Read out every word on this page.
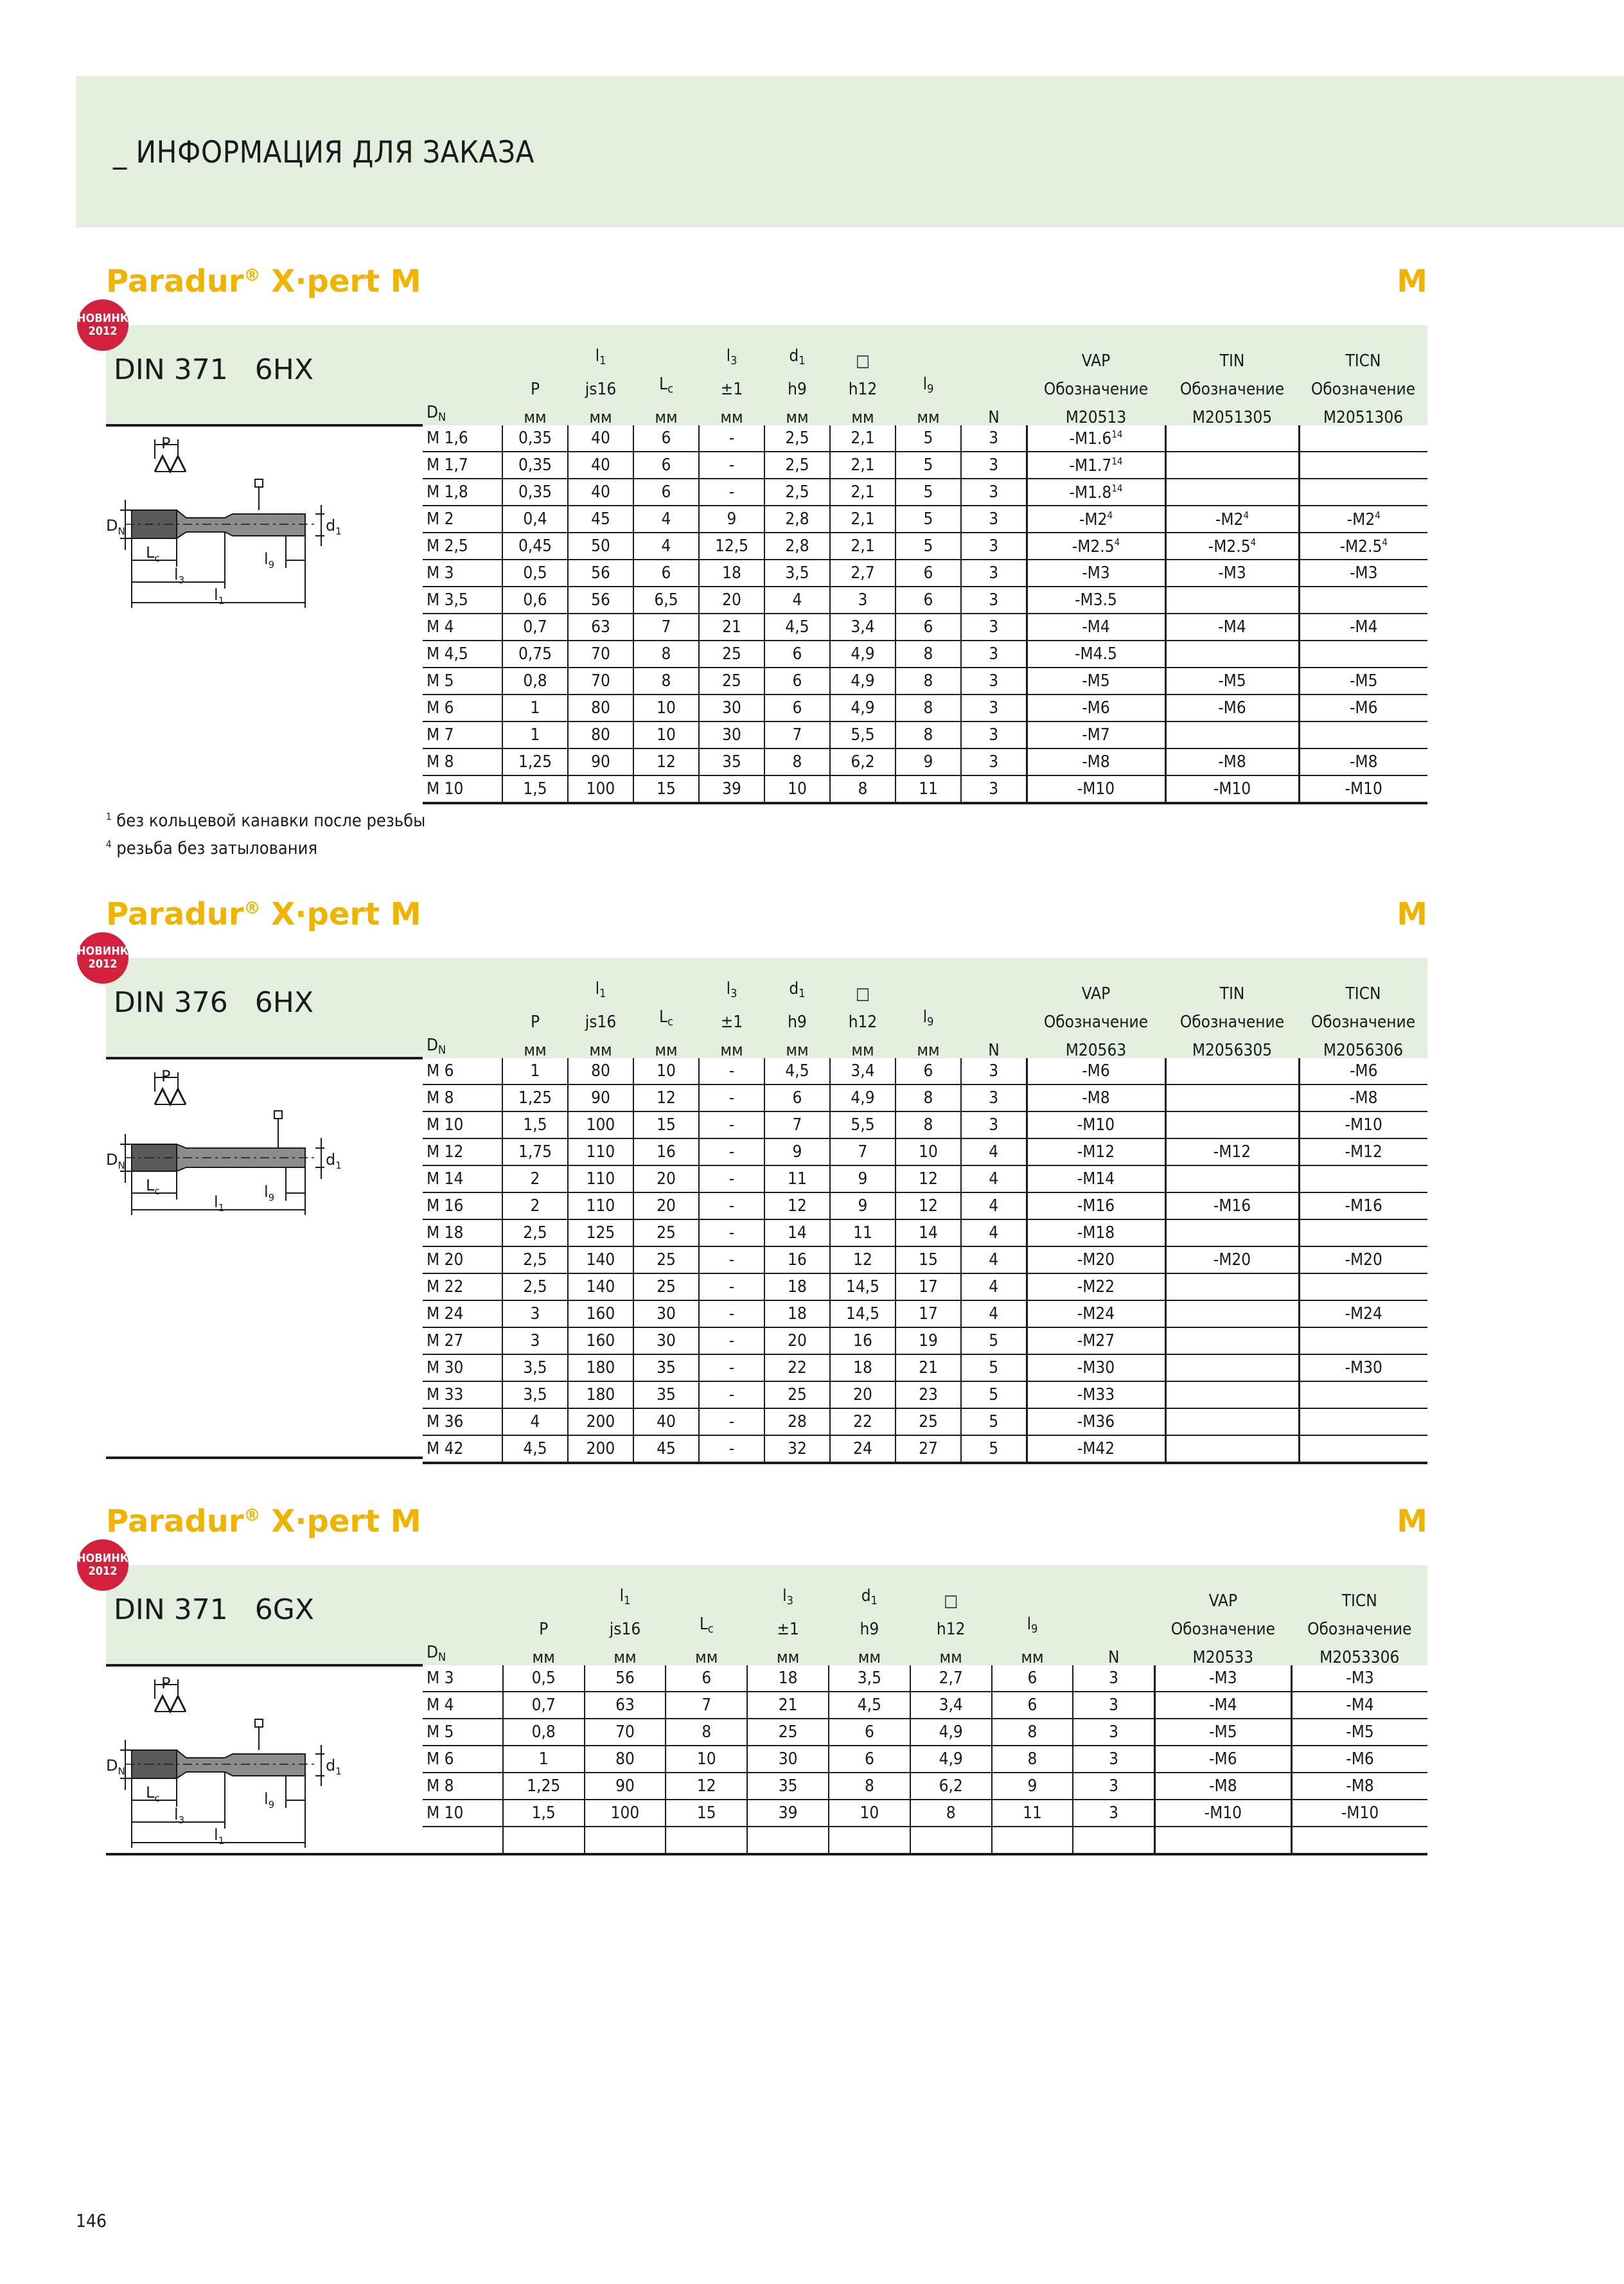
_ ИНФОРМАЦИЯ ДЛЯ ЗАКАЗА
Paradur® X·pert M	M
DIN 371 6HX
			$l_1$		$l_3$	$d_1$	□			VAP	TIN	TICN
	P	js16	$L_c$	±1	h9	h12	$l_9$		Обозначение	Обозначение	Обозначение
$D_N$	мм	мм	мм	мм	мм	мм	мм	N	M20513	M2051305	M2051306
M 1,6	0,35	40	6	-	2,5	2,1	5	3	$-M1.6^{14}$		
M 1,7	0,35	40	6	-	2,5	2,1	5	3	$-M1.7^{14}$		
M 1,8	0,35	40	6	-	2,5	2,1	5	3	$-M1.8^{14}$		
M 2	0,4	45	4	9	2,8	2,1	5	3	$-M2^4$	$-M2^4$	$-M2^4$
M 2,5	0,45	50	4	12,5	2,8	2,1	5	3	$-M2.5^4$	$-M2.5^4$	$-M2.5^4$
M 3	0,5	56	6	18	3,5	2,7	6	3	-M3	-M3	-M3
M 3,5	0,6	56	6,5	20	4	3	6	3	-M3.5		
M 4	0,7	63	7	21	4,5	3,4	6	3	-M4	-M4	-M4
M 4,5	0,75	70	8	25	6	4,9	8	3	-M4.5		
M 5	0,8	70	8	25	6	4,9	8	3	-M5	-M5	-M5
M 6	1	80	10	30	6	4,9	8	3	-M6	-M6	-M6
M 7	1	80	10	30	7	5,5	8	3	-M7		
M 8	1,25	90	12	35	8	6,2	9	3	-M8	-M8	-M8
M 10	1,5	100	15	39	10	8	11	3	-M10	-M10	-M10
P
$D_N$	$d_1$
$L_c$
$l_3$
$l_9$
$l_1$
НОВИНКА
2012
$^1$ без кольцевой канавки после резьбы
$^4$ резьба без затылования
Paradur® X·pert M	M
DIN 376 6HX
			$l_1$		$l_3$	$d_1$	□			VAP	TIN	TICN
	P	js16	$L_c$	±1	h9	h12	$l_9$		Обозначение	Обозначение	Обозначение
$D_N$	мм	мм	мм	мм	мм	мм	мм	N	M20563	M2056305	M2056306
M 6	1	80	10	-	4,5	3,4	6	3	-M6		-M6
M 8	1,25	90	12	-	6	4,9	8	3	-M8		-M8
M 10	1,5	100	15	-	7	5,5	8	3	-M10		-M10
M 12	1,75	110	16	-	9	7	10	4	-M12	-M12	-M12
M 14	2	110	20	-	11	9	12	4	-M14		
M 16	2	110	20	-	12	9	12	4	-M16	-M16	-M16
M 18	2,5	125	25	-	14	11	14	4	-M18		
M 20	2,5	140	25	-	16	12	15	4	-M20	-M20	-M20
M 22	2,5	140	25	-	18	14,5	17	4	-M22		
M 24	3	160	30	-	18	14,5	17	4	-M24		-M24
M 27	3	160	30	-	20	16	19	5	-M27		
M 30	3,5	180	35	-	22	18	21	5	-M30		-M30
M 33	3,5	180	35	-	25	20	23	5	-M33		
M 36	4	200	40	-	28	22	25	5	-M36		
M 42	4,5	200	45	-	32	24	27	5	-M42		
P
$D_N$	$d_1$
$L_c$	$l_9$
$l_1$
НОВИНКА
2012
Paradur® X·pert M	M
DIN 371 6GX
			$l_1$		$l_3$	$d_1$	□			VAP	TICN
	P	js16	$L_c$	±1	h9	h12	$l_9$		Обозначение	Обозначение
$D_N$	мм	мм	мм	мм	мм	мм	мм	N	M20533	M2053306
M 3	0,5	56	6	18	3,5	2,7	6	3	-M3	-M3
M 4	0,7	63	7	21	4,5	3,4	6	3	-M4	-M4
M 5	0,8	70	8	25	6	4,9	8	3	-M5	-M5
M 6	1	80	10	30	6	4,9	8	3	-M6	-M6
M 8	1,25	90	12	35	8	6,2	9	3	-M8	-M8
M 10	1,5	100	15	39	10	8	11	3	-M10	-M10

P
$D_N$	$d_1$
$L_c$
$l_3$
$l_9$
$l_1$
НОВИНКА
2012
146
